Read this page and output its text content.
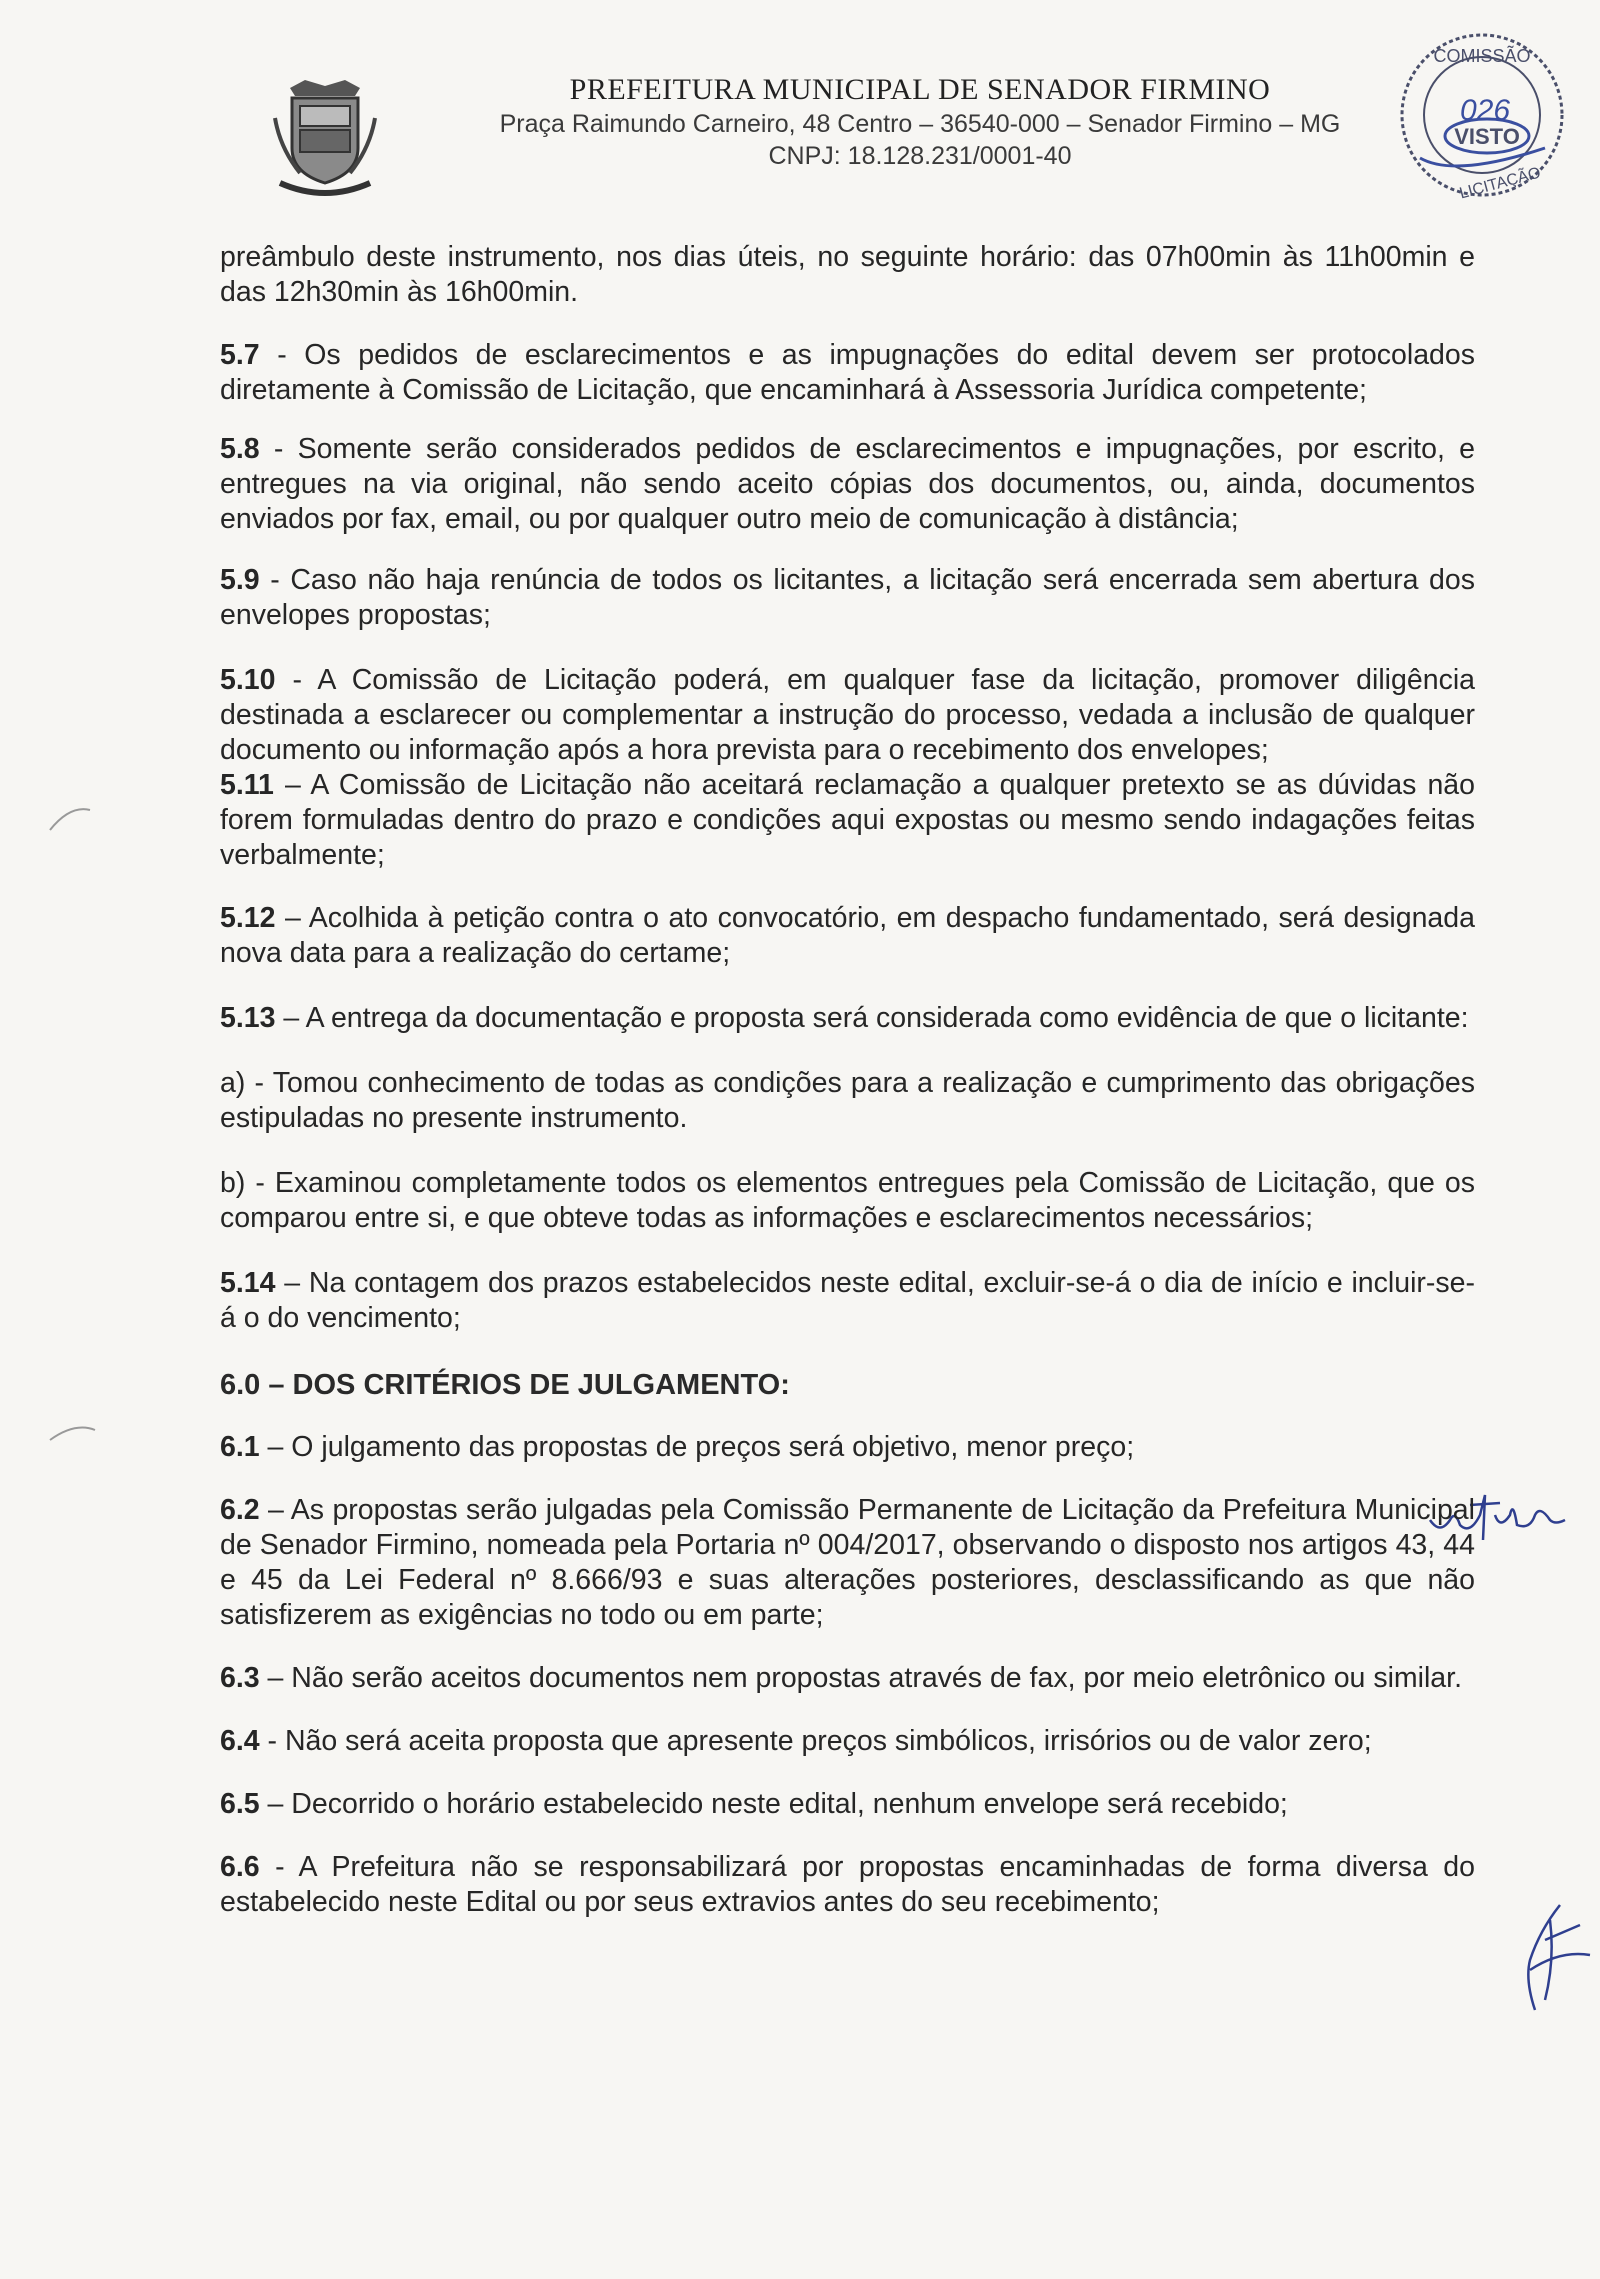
PREFEITURA MUNICIPAL DE SENADOR FIRMINO

Praça Raimundo Carneiro, 48 Centro – 36540-000 – Senador Firmino – MG

CNPJ: 18.128.231/0001-40

COMISSÃO
026
VISTO
LICITAÇÃO

preâmbulo deste instrumento, nos dias úteis, no seguinte horário: das 07h00min às 11h00min e das 12h30min às 16h00min.

5.7 - Os pedidos de esclarecimentos e as impugnações do edital devem ser protocolados diretamente à Comissão de Licitação, que encaminhará à Assessoria Jurídica competente;

5.8 - Somente serão considerados pedidos de esclarecimentos e impugnações, por escrito, e entregues na via original, não sendo aceito cópias dos documentos, ou, ainda, documentos enviados por fax, email, ou por qualquer outro meio de comunicação à distância;

5.9 - Caso não haja renúncia de todos os licitantes, a licitação será encerrada sem abertura dos envelopes propostas;

5.10 - A Comissão de Licitação poderá, em qualquer fase da licitação, promover diligência destinada a esclarecer ou complementar a instrução do processo, vedada a inclusão de qualquer documento ou informação após a hora prevista para o recebimento dos envelopes;

5.11 – A Comissão de Licitação não aceitará reclamação a qualquer pretexto se as dúvidas não forem formuladas dentro do prazo e condições aqui expostas ou mesmo sendo indagações feitas verbalmente;

5.12 – Acolhida à petição contra o ato convocatório, em despacho fundamentado, será designada nova data para a realização do certame;

5.13 – A entrega da documentação e proposta será considerada como evidência de que o licitante:

a) - Tomou conhecimento de todas as condições para a realização e cumprimento das obrigações estipuladas no presente instrumento.

b) - Examinou completamente todos os elementos entregues pela Comissão de Licitação, que os comparou entre si, e que obteve todas as informações e esclarecimentos necessários;

5.14 – Na contagem dos prazos estabelecidos neste edital, excluir-se-á o dia de início e incluir-se-á o do vencimento;

6.0 – DOS CRITÉRIOS DE JULGAMENTO:

6.1 – O julgamento das propostas de preços será objetivo, menor preço;

6.2 – As propostas serão julgadas pela Comissão Permanente de Licitação da Prefeitura Municipal de Senador Firmino, nomeada pela Portaria nº 004/2017, observando o disposto nos artigos 43, 44 e 45 da Lei Federal nº 8.666/93 e suas alterações posteriores, desclassificando as que não satisfizerem as exigências no todo ou em parte;

6.3 – Não serão aceitos documentos nem propostas através de fax, por meio eletrônico ou similar.

6.4 - Não será aceita proposta que apresente preços simbólicos, irrisórios ou de valor zero;

6.5 – Decorrido o horário estabelecido neste edital, nenhum envelope será recebido;

6.6 - A Prefeitura não se responsabilizará por propostas encaminhadas de forma diversa do estabelecido neste Edital ou por seus extravios antes do seu recebimento;
